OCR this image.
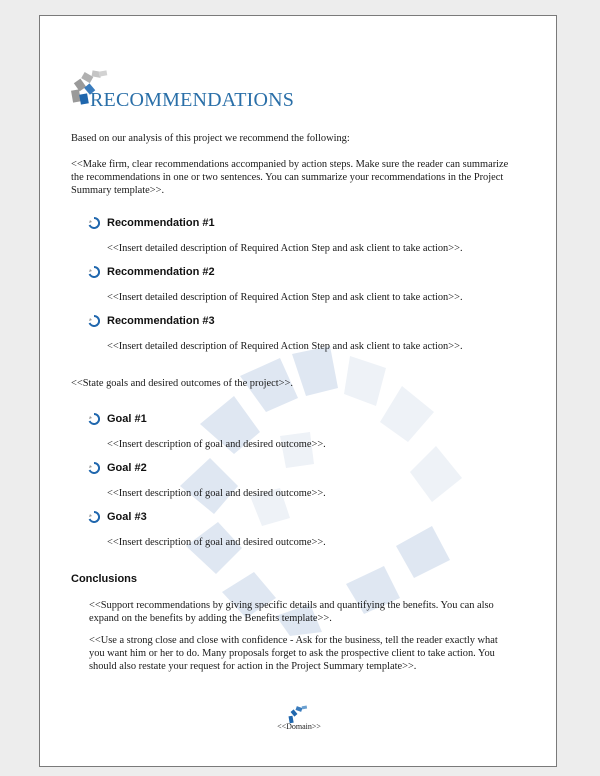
RECOMMENDATIONS

Based on our analysis of this project we recommend the following:

<<Make firm, clear recommendations accompanied by action steps. Make sure the reader can summarize
the recommendations in one or two sentences. You can summarize your recommendations in the Project
Summary template>>.

Recommendation #1

<<Insert detailed description of Required Action Step and ask client to take action>>.

Recommendation #2

<<Insert detailed description of Required Action Step and ask client to take action>>.

Recommendation #3

<<Insert detailed description of Required Action Step and ask client to take action>>.

<<State goals and desired outcomes of the project>>.

Goal #1

<<Insert description of goal and desired outcome>>.

Goal #2

<<Insert description of goal and desired outcome>>.

Goal #3

<<Insert description of goal and desired outcome>>.

Conclusions

<<Support recommendations by giving specific details and quantifying the benefits. You can also
expand on the benefits by adding the Benefits template>>.

<<Use a strong close and close with confidence - Ask for the business, tell the reader exactly what
you want him or her to do. Many proposals forget to ask the prospective client to take action. You
should also restate your request for action in the Project Summary template>>.

<<Domain>>
